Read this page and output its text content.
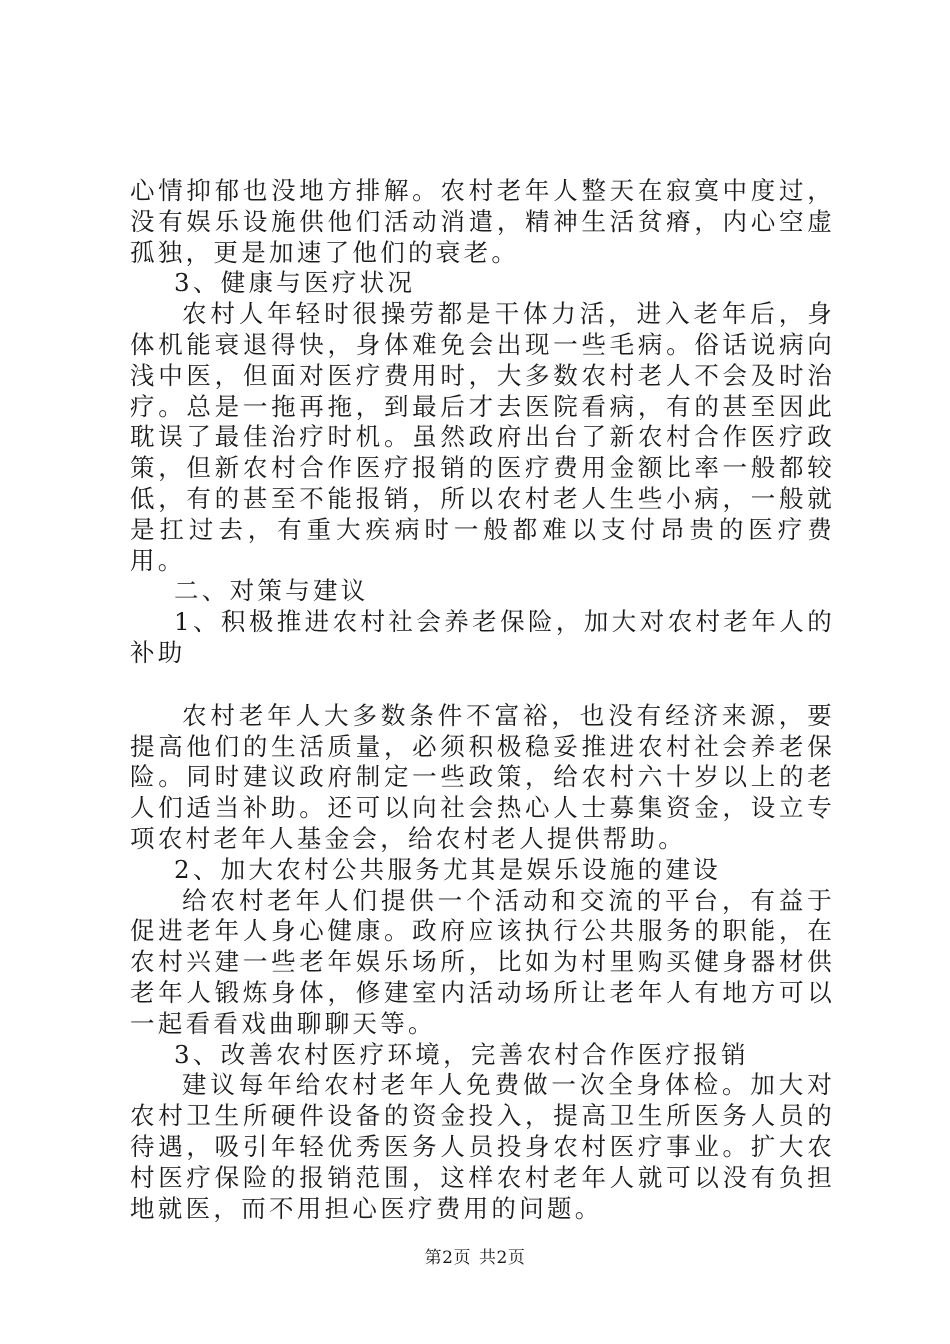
心情抑郁也没地方排解。农村老年人整天在寂寞中度过，没有娱乐设施供他们活动消遣，精神生活贫瘠，内心空虚孤独，更是加速了他们的衰老。

3、健康与医疗状况

农村人年轻时很操劳都是干体力活，进入老年后，身体机能衰退得快，身体难免会出现一些毛病。俗话说病向浅中医，但面对医疗费用时，大多数农村老人不会及时治疗。总是一拖再拖，到最后才去医院看病，有的甚至因此耽误了最佳治疗时机。虽然政府出台了新农村合作医疗政策，但新农村合作医疗报销的医疗费用金额比率一般都较低，有的甚至不能报销，所以农村老人生些小病，一般就是扛过去，有重大疾病时一般都难以支付昂贵的医疗费用。

二、对策与建议

1、积极推进农村社会养老保险，加大对农村老年人的补助

农村老年人大多数条件不富裕，也没有经济来源，要提高他们的生活质量，必须积极稳妥推进农村社会养老保险。同时建议政府制定一些政策，给农村六十岁以上的老人们适当补助。还可以向社会热心人士募集资金，设立专项农村老年人基金会，给农村老人提供帮助。

2、加大农村公共服务尤其是娱乐设施的建设

给农村老年人们提供一个活动和交流的平台，有益于促进老年人身心健康。政府应该执行公共服务的职能，在农村兴建一些老年娱乐场所，比如为村里购买健身器材供老年人锻炼身体，修建室内活动场所让老年人有地方可以一起看看戏曲聊聊天等。

3、改善农村医疗环境，完善农村合作医疗报销

建议每年给农村老年人免费做一次全身体检。加大对农村卫生所硬件设备的资金投入，提高卫生所医务人员的待遇，吸引年轻优秀医务人员投身农村医疗事业。扩大农村医疗保险的报销范围，这样农村老年人就可以没有负担地就医，而不用担心医疗费用的问题。

第2页 共2页
